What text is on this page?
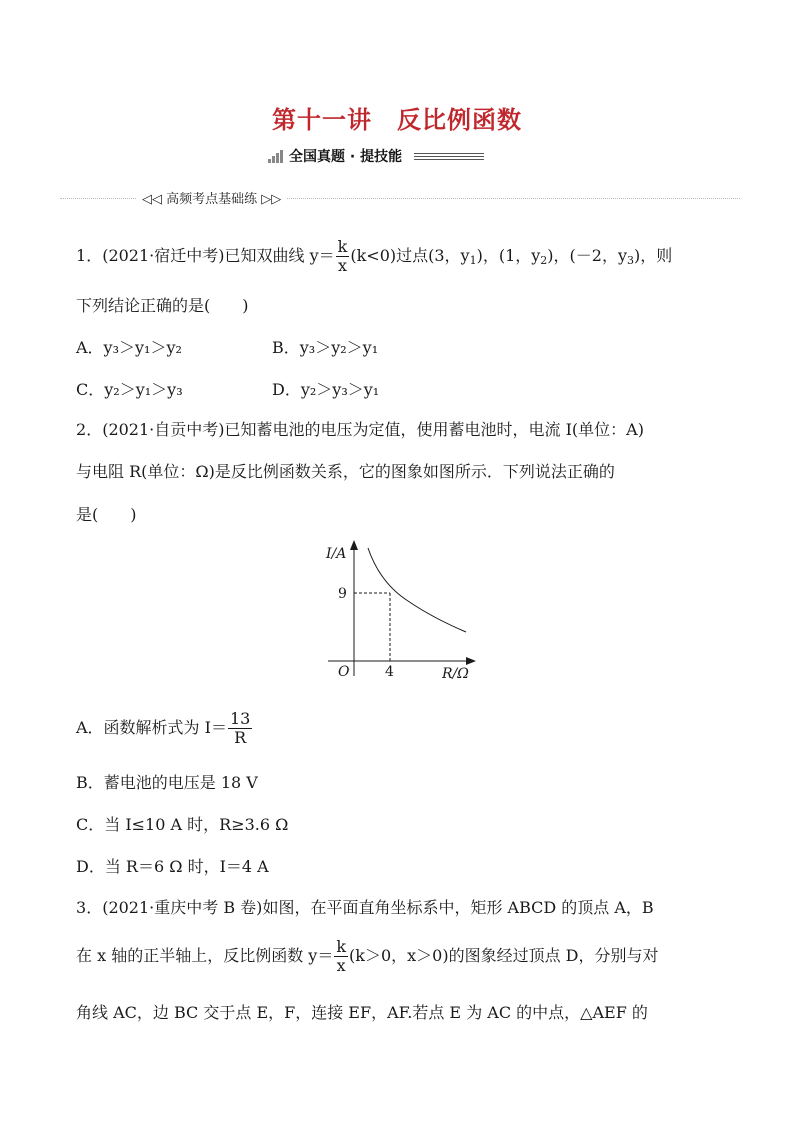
第十一讲　反比例函数
全国真题 · 提技能
◁◁ 高频考点基础练 ▷▷
1．(2021·宿迁中考)已知双曲线 $y= \frac{k}{x} (k<0)$过点(3，$y_1$)，(1，$y_2$)，(－2，$y_3$)，则
下列结论正确的是(　　)
A．y₃＞y₁＞y₂	B．y₃＞y₂＞y₁
C．y₂＞y₁＞y₃	D．y₂＞y₃＞y₁
2．(2021·自贡中考)已知蓄电池的电压为定值，使用蓄电池时，电流 I(单位：A)
与电阻 R(单位：Ω)是反比例函数关系，它的图象如图所示．下列说法正确的
是(　　)
I/A
9
O	4	R/Ω
A．函数解析式为 $I= \frac{13}{R}$
B．蓄电池的电压是 18 V
C．当 I≤10 A 时，R≥3.6 Ω
D．当 R＝6 Ω 时，I＝4 A
3．(2021·重庆中考 B 卷)如图，在平面直角坐标系中，矩形 ABCD 的顶点 A，B
在 x 轴的正半轴上，反比例函数 $y= \frac{k}{x} (k>0$，x＞0)的图象经过顶点 D，分别与对
角线 AC，边 BC 交于点 E，F，连接 EF，AF.若点 E 为 AC 的中点，△AEF 的
